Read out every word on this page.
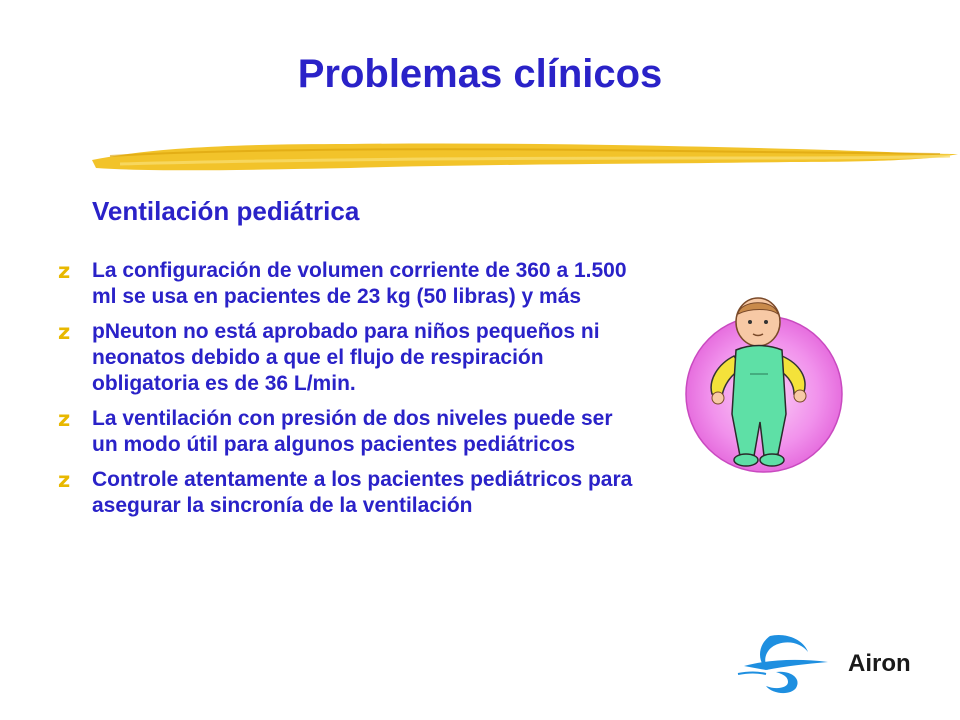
Problemas clínicos
Ventilación pediátrica
z	La configuración de volumen corriente de 360 a 1.500 ml se usa en pacientes de 23 kg (50 libras) y más
z	pNeuton no está aprobado para niños pequeños ni neonatos debido a que el flujo de respiración obligatoria es de 36 L/min.
z	La ventilación con presión de dos niveles puede ser un modo útil para algunos pacientes pediátricos
z	Controle atentamente a los pacientes pediátricos para asegurar la sincronía de la ventilación
Airon
